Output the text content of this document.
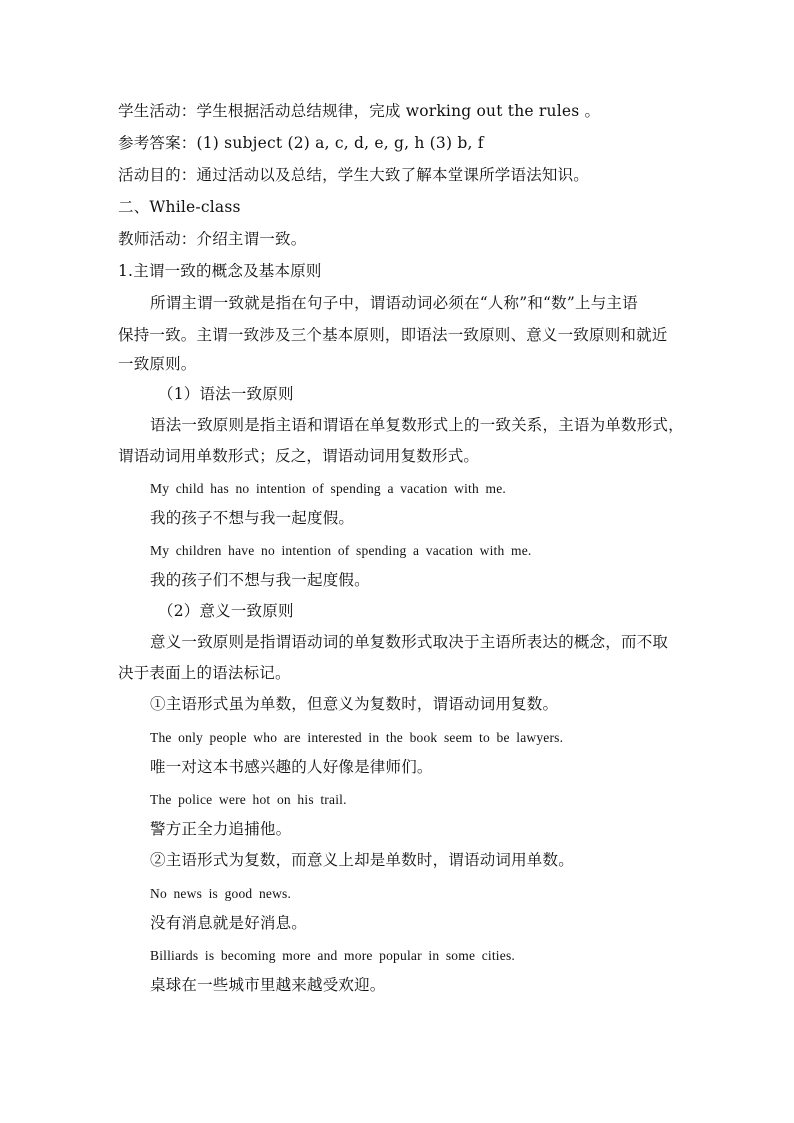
学生活动：学生根据活动总结规律，完成 working out the rules 。
参考答案：(1) subject (2) a, c, d, e, g, h (3) b, f
活动目的：通过活动以及总结，学生大致了解本堂课所学语法知识。
二、While-class
教师活动：介绍主谓一致。
1.主谓一致的概念及基本原则
所谓主谓一致就是指在句子中，谓语动词必须在“人称”和“数”上与主语
保持一致。主谓一致涉及三个基本原则，即语法一致原则、意义一致原则和就近
一致原则。
（1）语法一致原则
语法一致原则是指主语和谓语在单复数形式上的一致关系，主语为单数形式，
谓语动词用单数形式；反之，谓语动词用复数形式。
My child has no intention of spending a vacation with me.
我的孩子不想与我一起度假。
My children have no intention of spending a vacation with me.
我的孩子们不想与我一起度假。
（2）意义一致原则
意义一致原则是指谓语动词的单复数形式取决于主语所表达的概念，而不取
决于表面上的语法标记。
①主语形式虽为单数，但意义为复数时，谓语动词用复数。
The only people who are interested in the book seem to be lawyers.
唯一对这本书感兴趣的人好像是律师们。
The police were hot on his trail.
警方正全力追捕他。
②主语形式为复数，而意义上却是单数时，谓语动词用单数。
No news is good news.
没有消息就是好消息。
Billiards is becoming more and more popular in some cities.
桌球在一些城市里越来越受欢迎。
